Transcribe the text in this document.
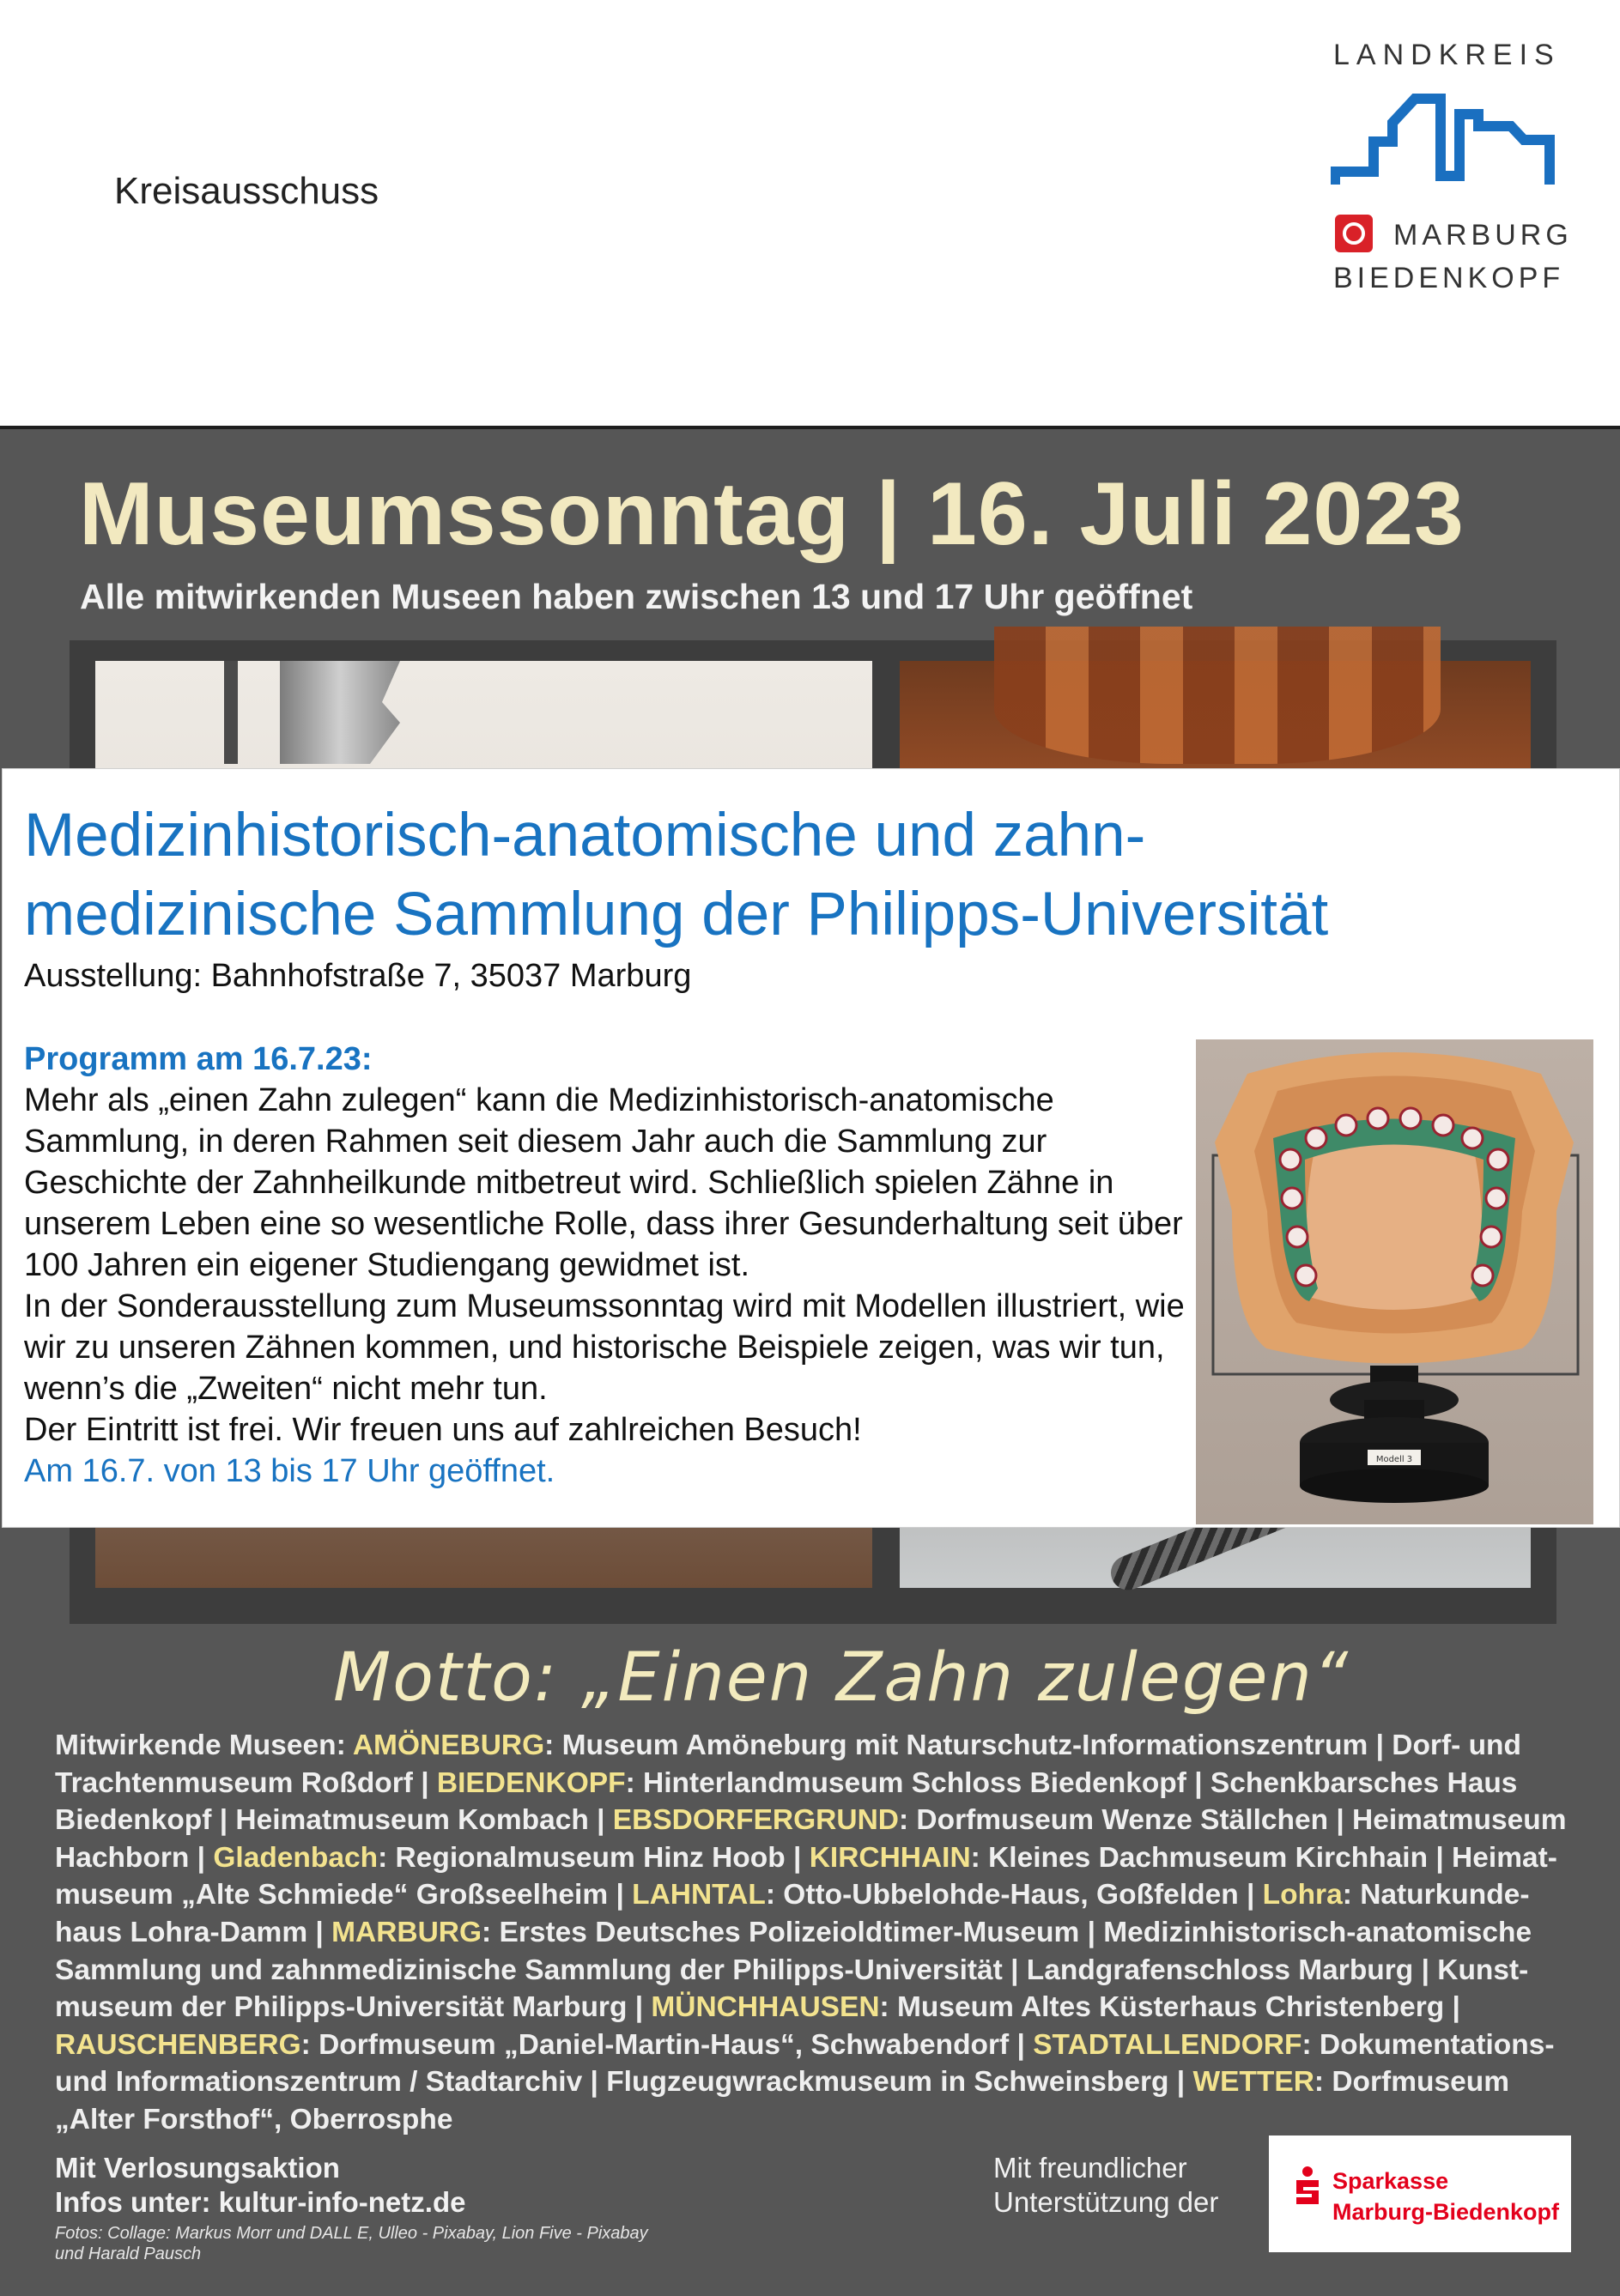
Kreisausschuss
LANDKREIS
MARBURG
BIEDENKOPF
Museumssonntag | 16. Juli 2023
Alle mitwirkenden Museen haben zwischen 13 und 17 Uhr geöffnet
Motto: „Einen Zahn zulegen“
Mitwirkende Museen: AMÖNEBURG: Museum Amöneburg mit Naturschutz-Informationszentrum | Dorf- und Trachtenmuseum Roßdorf | BIEDENKOPF: Hinterlandmuseum Schloss Biedenkopf | Schenkbarsches Haus Biedenkopf | Heimatmuseum Kombach | EBSDORFERGRUND: Dorfmuseum Wenze Ställchen | Heimatmuseum Hachborn | Gladenbach: Regionalmuseum Hinz Hoob | KIRCHHAIN: Kleines Dachmuseum Kirchhain | Heimat-museum „Alte Schmiede“ Großseelheim | LAHNTAL: Otto-Ubbelohde-Haus, Goßfelden | Lohra: Naturkunde-haus Lohra-Damm | MARBURG: Erstes Deutsches Polizeioldtimer-Museum | Medizinhistorisch-anatomische Sammlung und zahnmedizinische Sammlung der Philipps-Universität | Landgrafenschloss Marburg | Kunst-museum der Philipps-Universität Marburg | MÜNCHHAUSEN: Museum Altes Küsterhaus Christenberg | RAUSCHENBERG: Dorfmuseum „Daniel-Martin-Haus“, Schwabendorf | STADTALLENDORF: Dokumentations- und Informationszentrum / Stadtarchiv | Flugzeugwrackmuseum in Schweinsberg | WETTER: Dorfmuseum „Alter Forsthof“, Oberrosphe
Mit Verlosungsaktion
Infos unter: kultur-info-netz.de
Fotos: Collage: Markus Morr und DALL E, Ulleo - Pixabay, Lion Five - Pixabay
und Harald Pausch
Mit freundlicher
Unterstützung der
Sparkasse
Marburg-Biedenkopf
Medizinhistorisch-anatomische und zahn-
medizinische Sammlung der Philipps-Universität
Ausstellung: Bahnhofstraße 7, 35037 Marburg
Programm am 16.7.23:

Mehr als „einen Zahn zulegen“ kann die Medizinhistorisch-anatomische Sammlung, in deren Rahmen seit diesem Jahr auch die Sammlung zur Geschichte der Zahnheilkunde mitbetreut wird. Schließlich spielen Zähne in unserem Leben eine so wesentliche Rolle, dass ihrer Gesunderhaltung seit über 100 Jahren ein eigener Studiengang gewidmet ist.

In der Sonderausstellung zum Museumssonntag wird mit Modellen illustriert, wie wir zu unseren Zähnen kommen, und historische Beispiele zeigen, was wir tun, wenn’s die „Zweiten“ nicht mehr tun.

Der Eintritt ist frei. Wir freuen uns auf zahlreichen Besuch!

Am 16.7. von 13 bis 17 Uhr geöffnet.	Modell 3
